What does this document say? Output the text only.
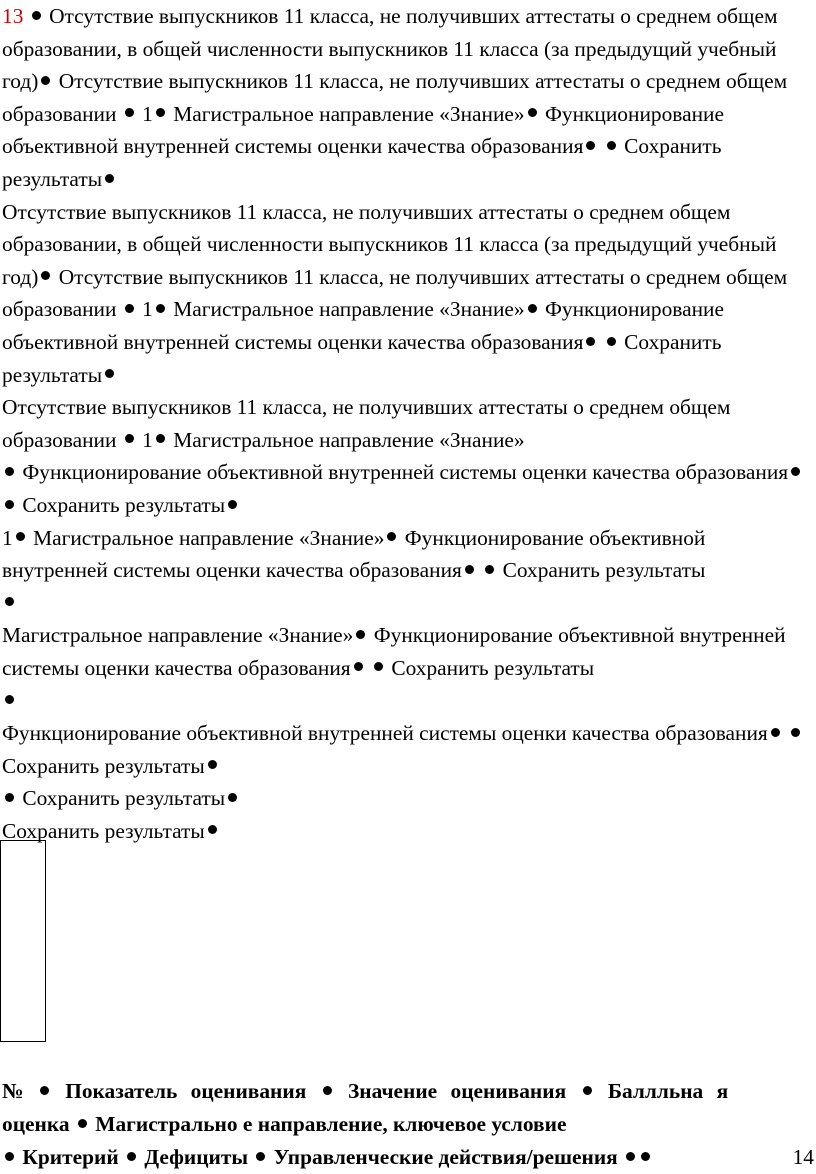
13 Отсутствие выпускников 11 класса, не получивших аттестаты о среднем общем образовании, в общей численности выпускников 11 класса (за предыдущий учебный год) Отсутствие выпускников 11 класса, не получивших аттестаты о среднем общем образовании 1 Магистральное направление «Знание» Функционирование объективной внутренней системы оценки качества образования Сохранить результаты

Отсутствие выпускников 11 класса, не получивших аттестаты о среднем общем образовании, в общей численности выпускников 11 класса (за предыдущий учебный год) Отсутствие выпускников 11 класса, не получивших аттестаты о среднем общем образовании 1 Магистральное направление «Знание» Функционирование объективной внутренней системы оценки качества образования Сохранить результаты

Отсутствие выпускников 11 класса, не получивших аттестаты о среднем общем образовании 1 Магистральное направление «Знание»
Функционирование объективной внутренней системы оценки качества образования  Сохранить результаты

1 Магистральное направление «Знание» Функционирование объективной внутренней системы оценки качества образования Сохранить результаты

Магистральное направление «Знание» Функционирование объективной внутренней системы оценки качества образования Сохранить результаты

Функционирование объективной внутренней системы оценки качества образования  Сохранить результаты

Сохранить результаты

Сохранить результаты

№ Показатель оценивания Значение оценивания Баллльна я

оценка Магистрально е направление, ключевое условие

Критерий Дефициты Управленческие действия/решения	14
